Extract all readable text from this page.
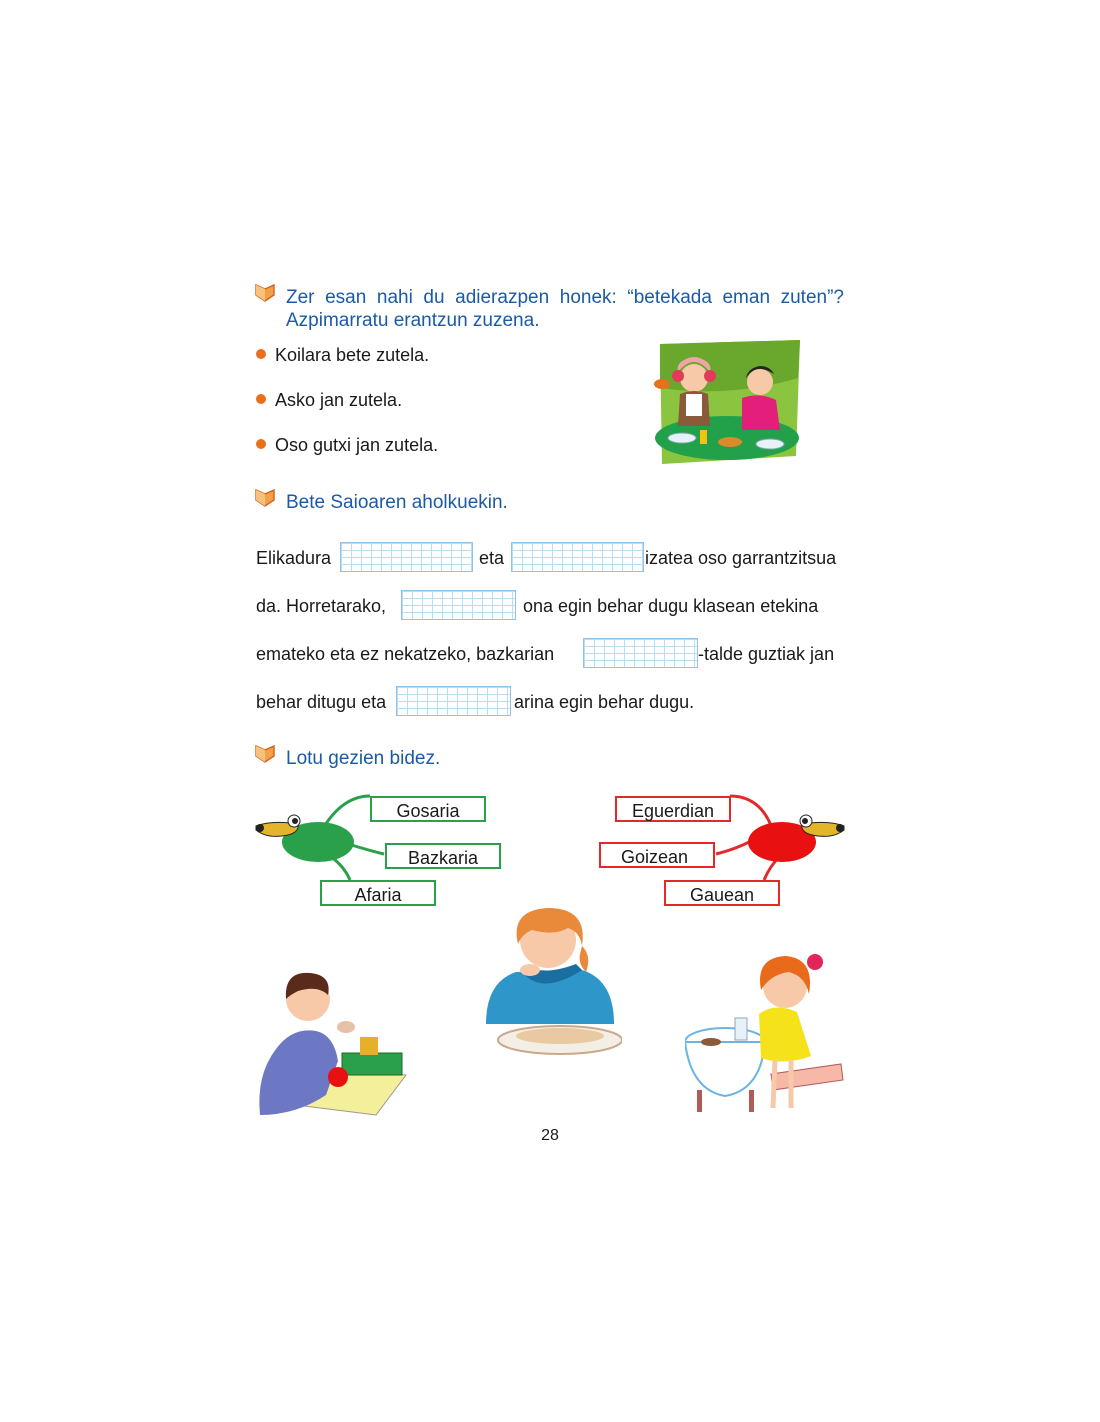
Zer esan nahi du adierazpen honek: “betekada eman zuten”?
Azpimarratu erantzun zuzena.
Koilara bete zutela.
Asko jan zutela.
Oso gutxi jan zutela.
Bete Saioaren aholkuekin.
Elikadura	eta	izatea oso garrantzitsua
da. Horretarako,	ona egin behar dugu klasean etekina
emateko eta ez nekatzeko, bazkarian	-talde guztiak jan
behar ditugu eta	arina egin behar dugu.
Lotu gezien bidez.
Gosaria
Bazkaria
Afaria
Eguerdian
Goizean
Gauean
28
